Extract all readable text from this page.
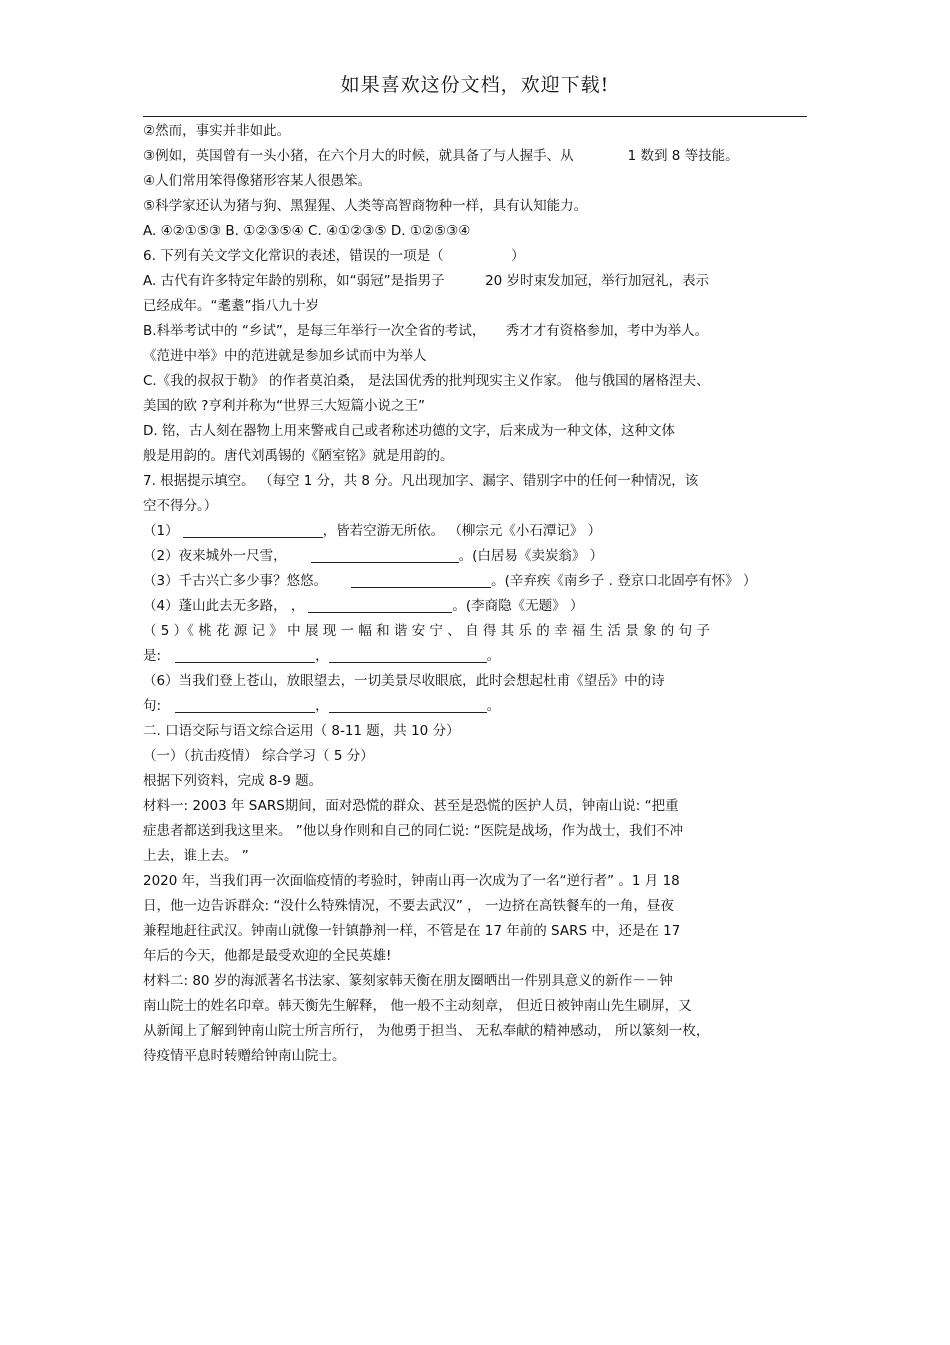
如果喜欢这份文档，欢迎下载!
②然而，事实并非如此。
③例如，英国曾有一头小猪，在六个月大的时候，就具备了与人握手、从　　　　1 数到 8 等技能。
④人们常用笨得像猪形容某人很愚笨。
⑤科学家还认为猪与狗、黑猩猩、人类等高智商物种一样，具有认知能力。
A. ④②①⑤③ B. ①②③⑤④ C. ④①②③⑤ D. ①②⑤③④
6. 下列有关文学文化常识的表述，错误的一项是（　　　　　）
A. 古代有许多特定年龄的别称，如“弱冠”是指男子　　　20 岁时束发加冠，举行加冠礼，表示
已经成年。“耄耋”指八九十岁
B.科举考试中的 “乡试”，是每三年举行一次全省的考试，　　秀才才有资格参加，考中为举人。
《范进中举》中的范进就是参加乡试而中为举人
C.《我的叔叔于勒》 的作者莫泊桑， 是法国优秀的批判现实主义作家。 他与俄国的屠格涅夫、
美国的欧 ?亨利并称为“世界三大短篇小说之王”
D. 铭，古人刻在器物上用来警戒自己或者称述功德的文字，后来成为一种文体，这种文体
般是用韵的。唐代刘禹锡的《陋室铭》就是用韵的。
7. 根据提示填空。 （每空 1 分，共 8 分。凡出现加字、漏字、错别字中的任何一种情况，该
空不得分。）
（1）	，皆若空游无所依。 （柳宗元《小石潭记》 ）
（2）夜来城外一尺雪，	。(白居易《卖炭翁》 ）
（3）千古兴亡多少事？悠悠。	。(辛弃疾《南乡子 . 登京口北固亭有怀》 ）
（4）蓬山此去无多路， ，	。(李商隐《无题》 ）
（ 5 ）《 桃 花 源 记 》 中 展 现 一 幅 和 谐 安 宁 、 自 得 其 乐 的 幸 福 生 活 景 象 的 句 子
是:	，	。
（6）当我们登上苍山，放眼望去，一切美景尽收眼底，此时会想起杜甫《望岳》中的诗
句:	，	。
二. 口语交际与语文综合运用（ 8-11 题，共 10 分）
（一）（抗击疫情） 综合学习（ 5 分）
根据下列资料，完成 8-9 题。
材料一: 2003 年 SARS期间，面对恐慌的群众、甚至是恐慌的医护人员，钟南山说: “把重
症患者都送到我这里来。 ”他以身作则和自己的同仁说: “医院是战场，作为战士，我们不冲
上去，谁上去。 ”
2020 年，当我们再一次面临疫情的考验时，钟南山再一次成为了一名“逆行者” 。1 月 18
日，他一边告诉群众: “没什么特殊情况，不要去武汉” ， 一边挤在高铁餐车的一角，昼夜
兼程地赶往武汉。钟南山就像一针镇静剂一样，不管是在 17 年前的 SARS 中，还是在 17
年后的今天，他都是最受欢迎的全民英雄!
材料二: 80 岁的海派著名书法家、篆刻家韩天衡在朋友圈晒出一件别具意义的新作－－钟
南山院士的姓名印章。韩天衡先生解释， 他一般不主动刻章， 但近日被钟南山先生刷屏，又
从新闻上了解到钟南山院士所言所行， 为他勇于担当、 无私奉献的精神感动， 所以篆刻一枚，
待疫情平息时转赠给钟南山院士。
